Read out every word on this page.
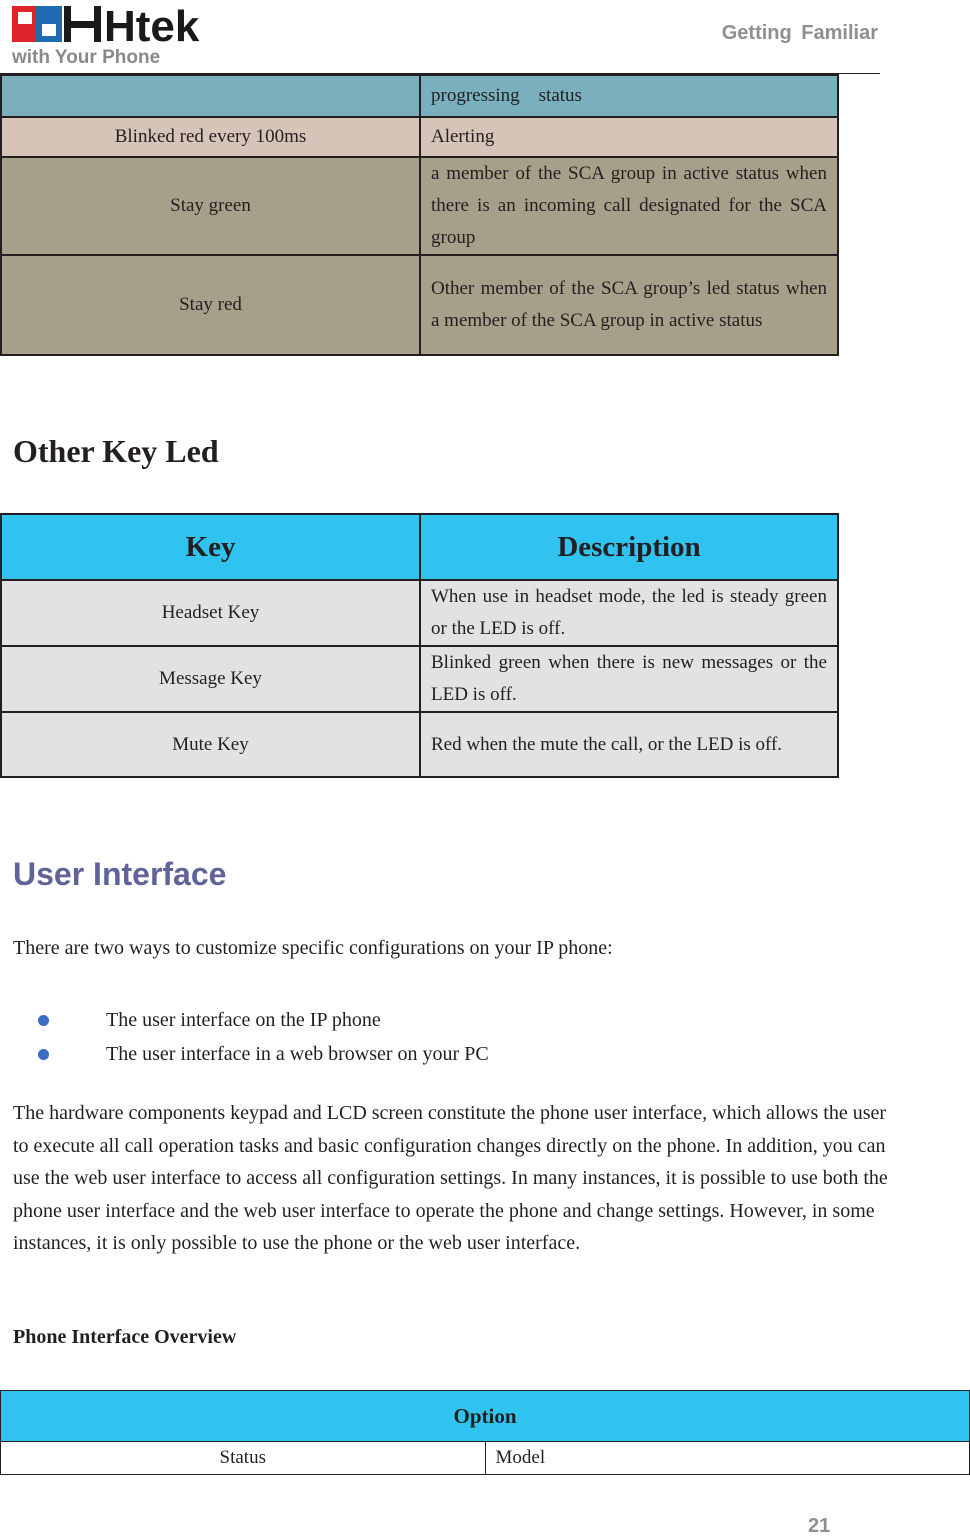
Htek
with Your Phone
Getting Familiar
	progressing    status
Blinked red every 100ms	Alerting
Stay green	a member of the SCA group in active status when there is an incoming call designated for the SCA group
Stay red	Other member of the SCA group’s led status when a member of the SCA group in active status
Other Key Led
Key	Description
Headset Key	When use in headset mode, the led is steady green or the LED is off.
Message Key	Blinked green when there is new messages or the LED is off.
Mute Key	Red when the mute the call, or the LED is off.
User Interface
There are two ways to customize specific configurations on your IP phone:
The user interface on the IP phone
The user interface in a web browser on your PC

The hardware components keypad and LCD screen constitute the phone user interface, which allows the user to execute all call operation tasks and basic configuration changes directly on the phone. In addition, you can use the web user interface to access all configuration settings. In many instances, it is possible to use both the phone user interface and the web user interface to operate the phone and change settings. However, in some instances, it is only possible to use the phone or the web user interface.

Phone Interface Overview
Option
Status	Model
21
